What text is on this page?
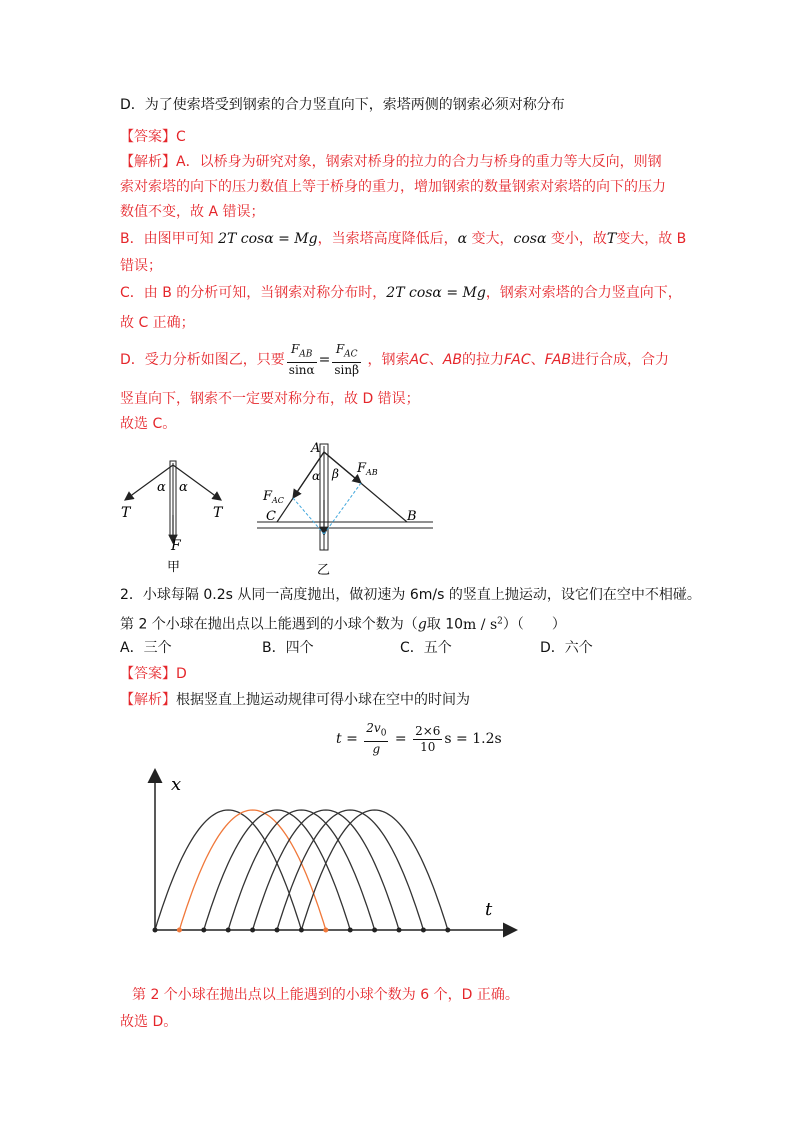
D．为了使索塔受到钢索的合力竖直向下，索塔两侧的钢索必须对称分布
【答案】C
【解析】A．以桥身为研究对象，钢索对桥身的拉力的合力与桥身的重力等大反向，则钢
索对索塔的向下的压力数值上等于桥身的重力，增加钢索的数量钢索对索塔的向下的压力
数值不变，故 A 错误；
B．由图甲可知 2T cosα = Mg，当索塔高度降低后，α 变大，cosα 变小，故T变大，故 B
错误；
C．由 B 的分析可知，当钢索对称分布时，2T cosα = Mg，钢索对索塔的合力竖直向下，
故 C 正确；
D．受力分析如图乙，只要 $\frac{F_{AB}}{\sin\alpha} = \frac{F_{AC}}{\sin\beta}$ ，钢索AC、AB的拉力FAC、FAB进行合成，合力
竖直向下，钢索不一定要对称分布，故 D 错误；
故选 C。
α α
T	T
F
甲
A
α β $F_{AB}$
$F_{AC}$
C	B
乙
2．小球每隔 0.2s 从同一高度抛出，做初速为 6m/s 的竖直上抛运动，设它们在空中不相碰。
第 2 个小球在抛出点以上能遇到的小球个数为（g取 $10m / s^2$）（　　）
A．三个	B．四个	C．五个	D．六个
【答案】D
【解析】根据竖直上抛运动规律可得小球在空中的时间为
$t = \frac{2v_0}{g} = \frac{2\times 6}{10}$ s = 1.2s
x
t
第 2 个小球在抛出点以上能遇到的小球个数为 6 个，D 正确。
故选 D。
